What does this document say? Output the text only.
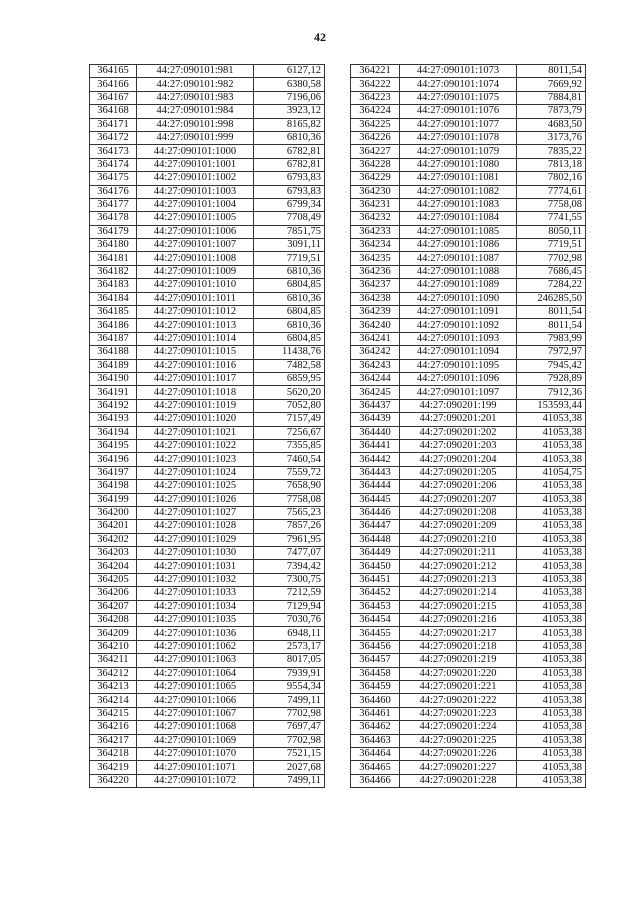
42
364165	44:27:090101:981	6127,12
364166	44:27:090101:982	6380,58
364167	44:27:090101:983	7196,06
364168	44:27:090101:984	3923,12
364171	44:27:090101:998	8165,82
364172	44:27:090101:999	6810,36
364173	44:27:090101:1000	6782,81
364174	44:27:090101:1001	6782,81
364175	44:27:090101:1002	6793,83
364176	44:27:090101:1003	6793,83
364177	44:27:090101:1004	6799,34
364178	44:27:090101:1005	7708,49
364179	44:27:090101:1006	7851,75
364180	44:27:090101:1007	3091,11
364181	44:27:090101:1008	7719,51
364182	44:27:090101:1009	6810,36
364183	44:27:090101:1010	6804,85
364184	44:27:090101:1011	6810,36
364185	44:27:090101:1012	6804,85
364186	44:27:090101:1013	6810,36
364187	44:27:090101:1014	6804,85
364188	44:27:090101:1015	11438,76
364189	44:27:090101:1016	7482,58
364190	44:27:090101:1017	6859,95
364191	44:27:090101:1018	5620,20
364192	44:27:090101:1019	7052,80
364193	44:27:090101:1020	7157,49
364194	44:27:090101:1021	7256,67
364195	44:27:090101:1022	7355,85
364196	44:27:090101:1023	7460,54
364197	44:27:090101:1024	7559,72
364198	44:27:090101:1025	7658,90
364199	44:27:090101:1026	7758,08
364200	44:27:090101:1027	7565,23
364201	44:27:090101:1028	7857,26
364202	44:27:090101:1029	7961,95
364203	44:27:090101:1030	7477,07
364204	44:27:090101:1031	7394,42
364205	44:27:090101:1032	7300,75
364206	44:27:090101:1033	7212,59
364207	44:27:090101:1034	7129,94
364208	44:27:090101:1035	7030,76
364209	44:27:090101:1036	6948,11
364210	44:27:090101:1062	2573,17
364211	44:27:090101:1063	8017,05
364212	44:27:090101:1064	7939,91
364213	44:27:090101:1065	9554,34
364214	44:27:090101:1066	7499,11
364215	44:27:090101:1067	7702,98
364216	44:27:090101:1068	7697,47
364217	44:27:090101:1069	7702,98
364218	44:27:090101:1070	7521,15
364219	44:27:090101:1071	2027,68
364220	44:27:090101:1072	7499,11
364221	44:27:090101:1073	8011,54
364222	44:27:090101:1074	7669,92
364223	44:27:090101:1075	7884,81
364224	44:27:090101:1076	7873,79
364225	44:27:090101:1077	4683,50
364226	44:27:090101:1078	3173,76
364227	44:27:090101:1079	7835,22
364228	44:27:090101:1080	7813,18
364229	44:27:090101:1081	7802,16
364230	44:27:090101:1082	7774,61
364231	44:27:090101:1083	7758,08
364232	44:27:090101:1084	7741,55
364233	44:27:090101:1085	8050,11
364234	44:27:090101:1086	7719,51
364235	44:27:090101:1087	7702,98
364236	44:27:090101:1088	7686,45
364237	44:27:090101:1089	7284,22
364238	44:27:090101:1090	246285,50
364239	44:27:090101:1091	8011,54
364240	44:27:090101:1092	8011,54
364241	44:27:090101:1093	7983,99
364242	44:27:090101:1094	7972,97
364243	44:27:090101:1095	7945,42
364244	44:27:090101:1096	7928,89
364245	44:27:090101:1097	7912,36
364437	44:27:090201:199	153593,44
364439	44:27:090201:201	41053,38
364440	44:27:090201:202	41053,38
364441	44:27:090201:203	41053,38
364442	44:27:090201:204	41053,38
364443	44:27:090201:205	41054,75
364444	44:27:090201:206	41053,38
364445	44:27:090201:207	41053,38
364446	44:27:090201:208	41053,38
364447	44:27:090201:209	41053,38
364448	44:27:090201:210	41053,38
364449	44:27:090201:211	41053,38
364450	44:27:090201:212	41053,38
364451	44:27:090201:213	41053,38
364452	44:27:090201:214	41053,38
364453	44:27:090201:215	41053,38
364454	44:27:090201:216	41053,38
364455	44:27:090201:217	41053,38
364456	44:27:090201:218	41053,38
364457	44:27:090201:219	41053,38
364458	44:27:090201:220	41053,38
364459	44:27:090201:221	41053,38
364460	44:27:090201:222	41053,38
364461	44:27:090201:223	41053,38
364462	44:27:090201:224	41053,38
364463	44:27:090201:225	41053,38
364464	44:27:090201:226	41053,38
364465	44:27:090201:227	41053,38
364466	44:27:090201:228	41053,38
